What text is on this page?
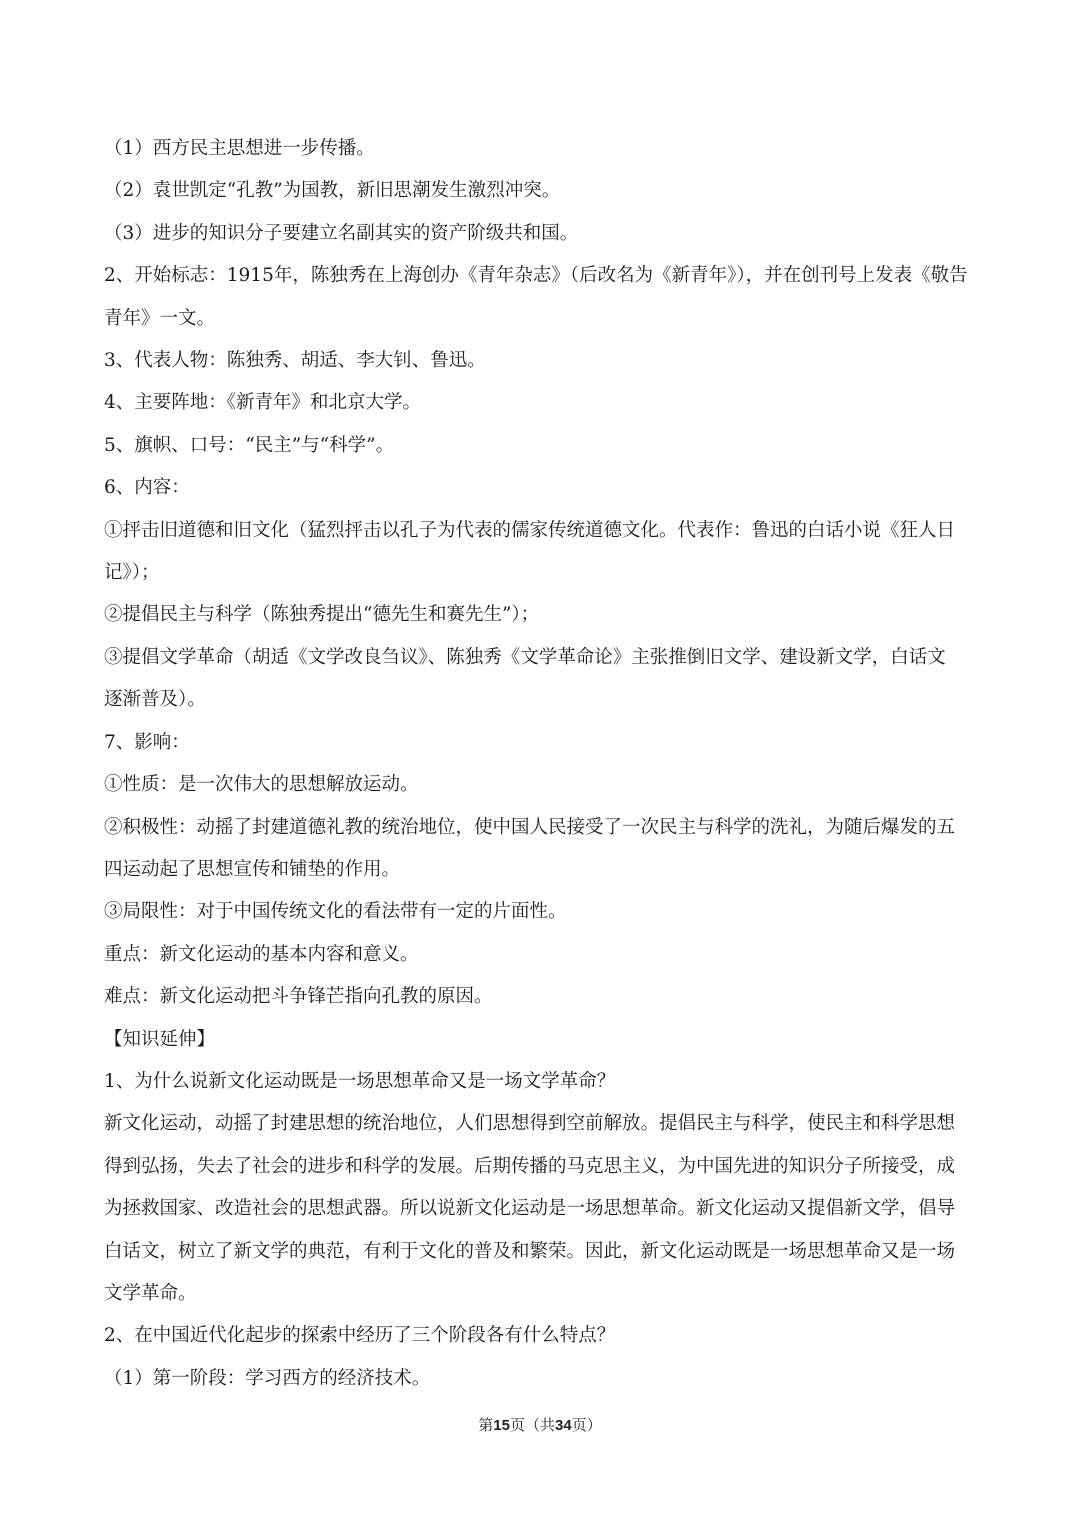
（1）西方民主思想进一步传播。

（2）袁世凯定“孔教”为国教，新旧思潮发生激烈冲突。

（3）进步的知识分子要建立名副其实的资产阶级共和国。

2、开始标志：1915年，陈独秀在上海创办《青年杂志》（后改名为《新青年》），并在创刊号上发表《敬告

青年》一文。

3、代表人物：陈独秀、胡适、李大钊、鲁迅。

4、主要阵地：《新青年》和北京大学。

5、旗帜、口号：“民主”与“科学”。

6、内容：

①抨击旧道德和旧文化（猛烈抨击以孔子为代表的儒家传统道德文化。代表作：鲁迅的白话小说《狂人日

记》）；

②提倡民主与科学（陈独秀提出“德先生和赛先生”）；

③提倡文学革命（胡适《文学改良刍议》、陈独秀《文学革命论》主张推倒旧文学、建设新文学，白话文

逐渐普及）。

7、影响：

①性质：是一次伟大的思想解放运动。

②积极性：动摇了封建道德礼教的统治地位，使中国人民接受了一次民主与科学的洗礼，为随后爆发的五

四运动起了思想宣传和铺垫的作用。

③局限性：对于中国传统文化的看法带有一定的片面性。

重点：新文化运动的基本内容和意义。

难点：新文化运动把斗争锋芒指向孔教的原因。

【知识延伸】

1、为什么说新文化运动既是一场思想革命又是一场文学革命？

新文化运动，动摇了封建思想的统治地位，人们思想得到空前解放。提倡民主与科学，使民主和科学思想

得到弘扬，失去了社会的进步和科学的发展。后期传播的马克思主义，为中国先进的知识分子所接受，成

为拯救国家、改造社会的思想武器。所以说新文化运动是一场思想革命。新文化运动又提倡新文学，倡导

白话文，树立了新文学的典范，有利于文化的普及和繁荣。因此，新文化运动既是一场思想革命又是一场

文学革命。

2、在中国近代化起步的探索中经历了三个阶段各有什么特点？

（1）第一阶段：学习西方的经济技术。

第15页（共34页）
